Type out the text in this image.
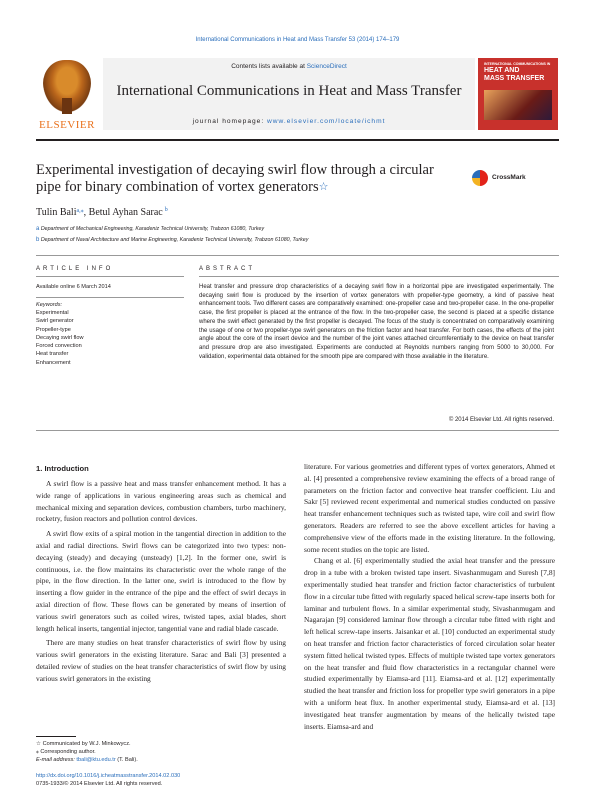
International Communications in Heat and Mass Transfer 53 (2014) 174–179
ELSEVIER
Contents lists available at ScienceDirect
International Communications in Heat and Mass Transfer
journal homepage: www.elsevier.com/locate/ichmt
INTERNATIONAL COMMUNICATIONS IN
HEAT AND
MASS TRANSFER
Experimental investigation of decaying swirl flow through a circular pipe for binary combination of vortex generators☆
CrossMark
Tulin Bali$^{a,⁎}$, Betul Ayhan Sarac $^b$
a Department of Mechanical Engineering, Karadeniz Technical University, Trabzon 61080, Turkey
b Department of Naval Architecture and Marine Engineering, Karadeniz Technical University, Trabzon 61080, Turkey
ARTICLE INFO	ABSTRACT
Available online 6 March 2014
Keywords:
Experimental
Swirl generator
Propeller-type
Decaying swirl flow
Forced convection
Heat transfer
Enhancement
Heat transfer and pressure drop characteristics of a decaying swirl flow in a horizontal pipe are investigated experimentally. The decaying swirl flow is produced by the insertion of vortex generators with propeller-type geometry, a kind of passive heat enhancement tools. Two different cases are comparatively examined: one-propeller case and two-propeller case. In the one-propeller case, the first propeller is placed at the entrance of the flow. In the two-propeller case, the second is placed at a specific distance where the swirl effect generated by the first propeller is decayed. The focus of the study is concentrated on comparatively examining the usage of one or two propeller-type swirl generators on the friction factor and heat transfer. For both cases, the effects of the joint angle about the core of the insert device and the number of the joint vanes attached circumferentially to the device on heat transfer and pressure drop are also investigated. Experiments are conducted at Reynolds numbers ranging from 5000 to 30,000. For validation, experimental data obtained for the smooth pipe are compared with those available in the literature.
© 2014 Elsevier Ltd. All rights reserved.
1. Introduction

A swirl flow is a passive heat and mass transfer enhancement method. It has a wide range of applications in various engineering areas such as chemical and mechanical mixing and separation devices, combustion chambers, turbo machinery, rocketry, fusion reactors and pollution control devices.

A swirl flow exits of a spiral motion in the tangential direction in addition to the axial and radial directions. Swirl flows can be categorized into two types: non-decaying (steady) and decaying (unsteady) [1,2]. In the former one, swirl is continuous, i.e. the flow maintains its characteristic over the whole range of the pipe, in the flow direction. In the latter one, swirl is introduced to the flow by inserting a flow guider in the entrance of the pipe and the effect of swirl decays in axial direction of flow. These flows can be generated by means of insertion of various swirl generators such as coiled wires, twisted tapes, axial blades, short length helical inserts, tangential injector, tangential vane and radial blade cascade.

There are many studies on heat transfer characteristics of swirl flow by using various swirl generators in the existing literature. Sarac and Bali [3] presented a detailed review of studies on the heat transfer characteristics of swirl flow by using various swirl generators in the existing

literature. For various geometries and different types of vortex generators, Ahmed et al. [4] presented a comprehensive review examining the effects of a broad range of parameters on the friction factor and convective heat transfer coefficient. Liu and Sakr [5] reviewed recent experimental and numerical studies conducted on passive heat transfer enhancement techniques such as twisted tape, wire coil and swirl flow generators. Readers are referred to see the above excellent articles for having a comprehensive view of the efforts made in the existing literature. In the following, some recent studies on the topic are listed.

Chang et al. [6] experimentally studied the axial heat transfer and the pressure drop in a tube with a broken twisted tape insert. Sivashanmugam and Suresh [7,8] experimentally studied heat transfer and friction factor characteristics of turbulent flow in a circular tube fitted with regularly spaced helical screw-tape inserts both for laminar and turbulent flows. In a similar experimental study, Sivashanmugam and Nagarajan [9] considered laminar flow through a circular tube fitted with right and left helical screw-tape inserts. Jaisankar et al. [10] conducted an experimental study on heat transfer and friction factor characteristics of forced circulation solar heater system fitted helical twisted types. Effects of multiple twisted tape vortex generators on the heat transfer and fluid flow characteristics in a rectangular channel were studied experimentally by Eiamsa-ard [11]. Eiamsa-ard et al. [12] experimentally studied the heat transfer and friction loss for propeller type swirl generators in a pipe with a uniform heat flux. In another experimental study, Eiamsa-ard et al. [13] investigated heat transfer augmentation by means of the helically twisted tape inserts. Eiamsa-ard and

☆ Communicated by W.J. Minkowycz.
⁎ Corresponding author.
E-mail address: tbali@ktu.edu.tr (T. Bali).
http://dx.doi.org/10.1016/j.icheatmasstransfer.2014.02.030
0735-1933/© 2014 Elsevier Ltd. All rights reserved.
